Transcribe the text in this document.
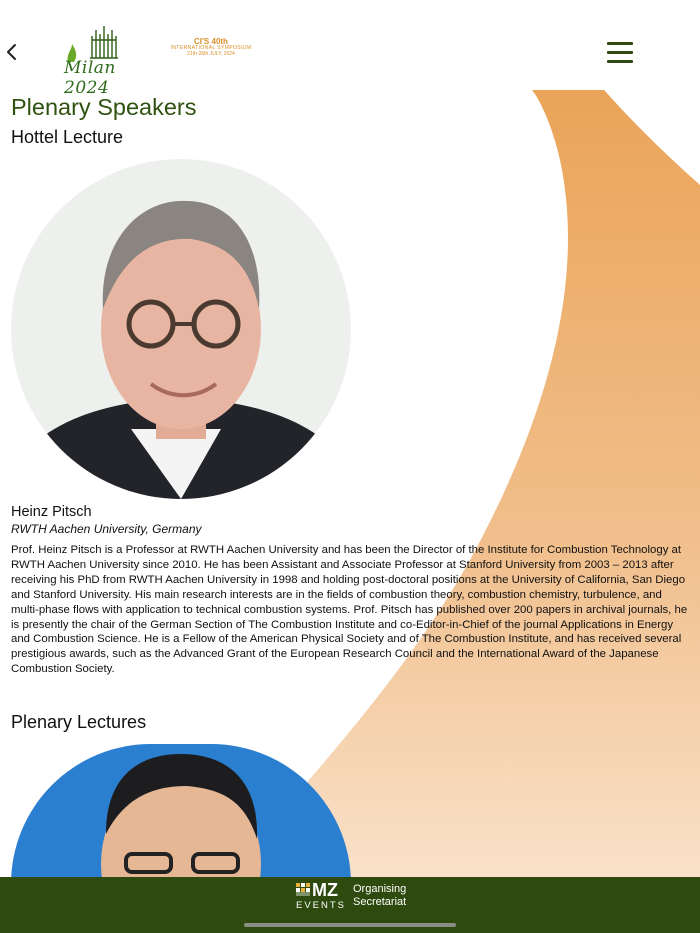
Milan 2024
CI'S 40th
INTERNATIONAL SYMPOSIUM
21th-26th JULY, 2024
Plenary Speakers
Hottel Lecture

Heinz Pitsch

RWTH Aachen University, Germany

Prof. Heinz Pitsch is a Professor at RWTH Aachen University and has been the Director of the Institute for Combustion Technology at RWTH Aachen University since 2010. He has been Assistant and Associate Professor at Stanford University from 2003 – 2013 after receiving his PhD from RWTH Aachen University in 1998 and holding post-doctoral positions at the University of California, San Diego and Stanford University. His main research interests are in the fields of combustion theory, combustion chemistry, turbulence, and multi-phase flows with application to technical combustion systems. Prof. Pitsch has published over 200 papers in archival journals, he is presently the chair of the German Section of The Combustion Institute and co-Editor-in-Chief of the journal Applications in Energy and Combustion Science. He is a Fellow of the American Physical Society and of The Combustion Institute, and has received several prestigious awards, such as the Advanced Grant of the European Research Council and the International Award of the Japanese Combustion Society.

Plenary Lectures
MZ
EVENTS
Organising
Secretariat
